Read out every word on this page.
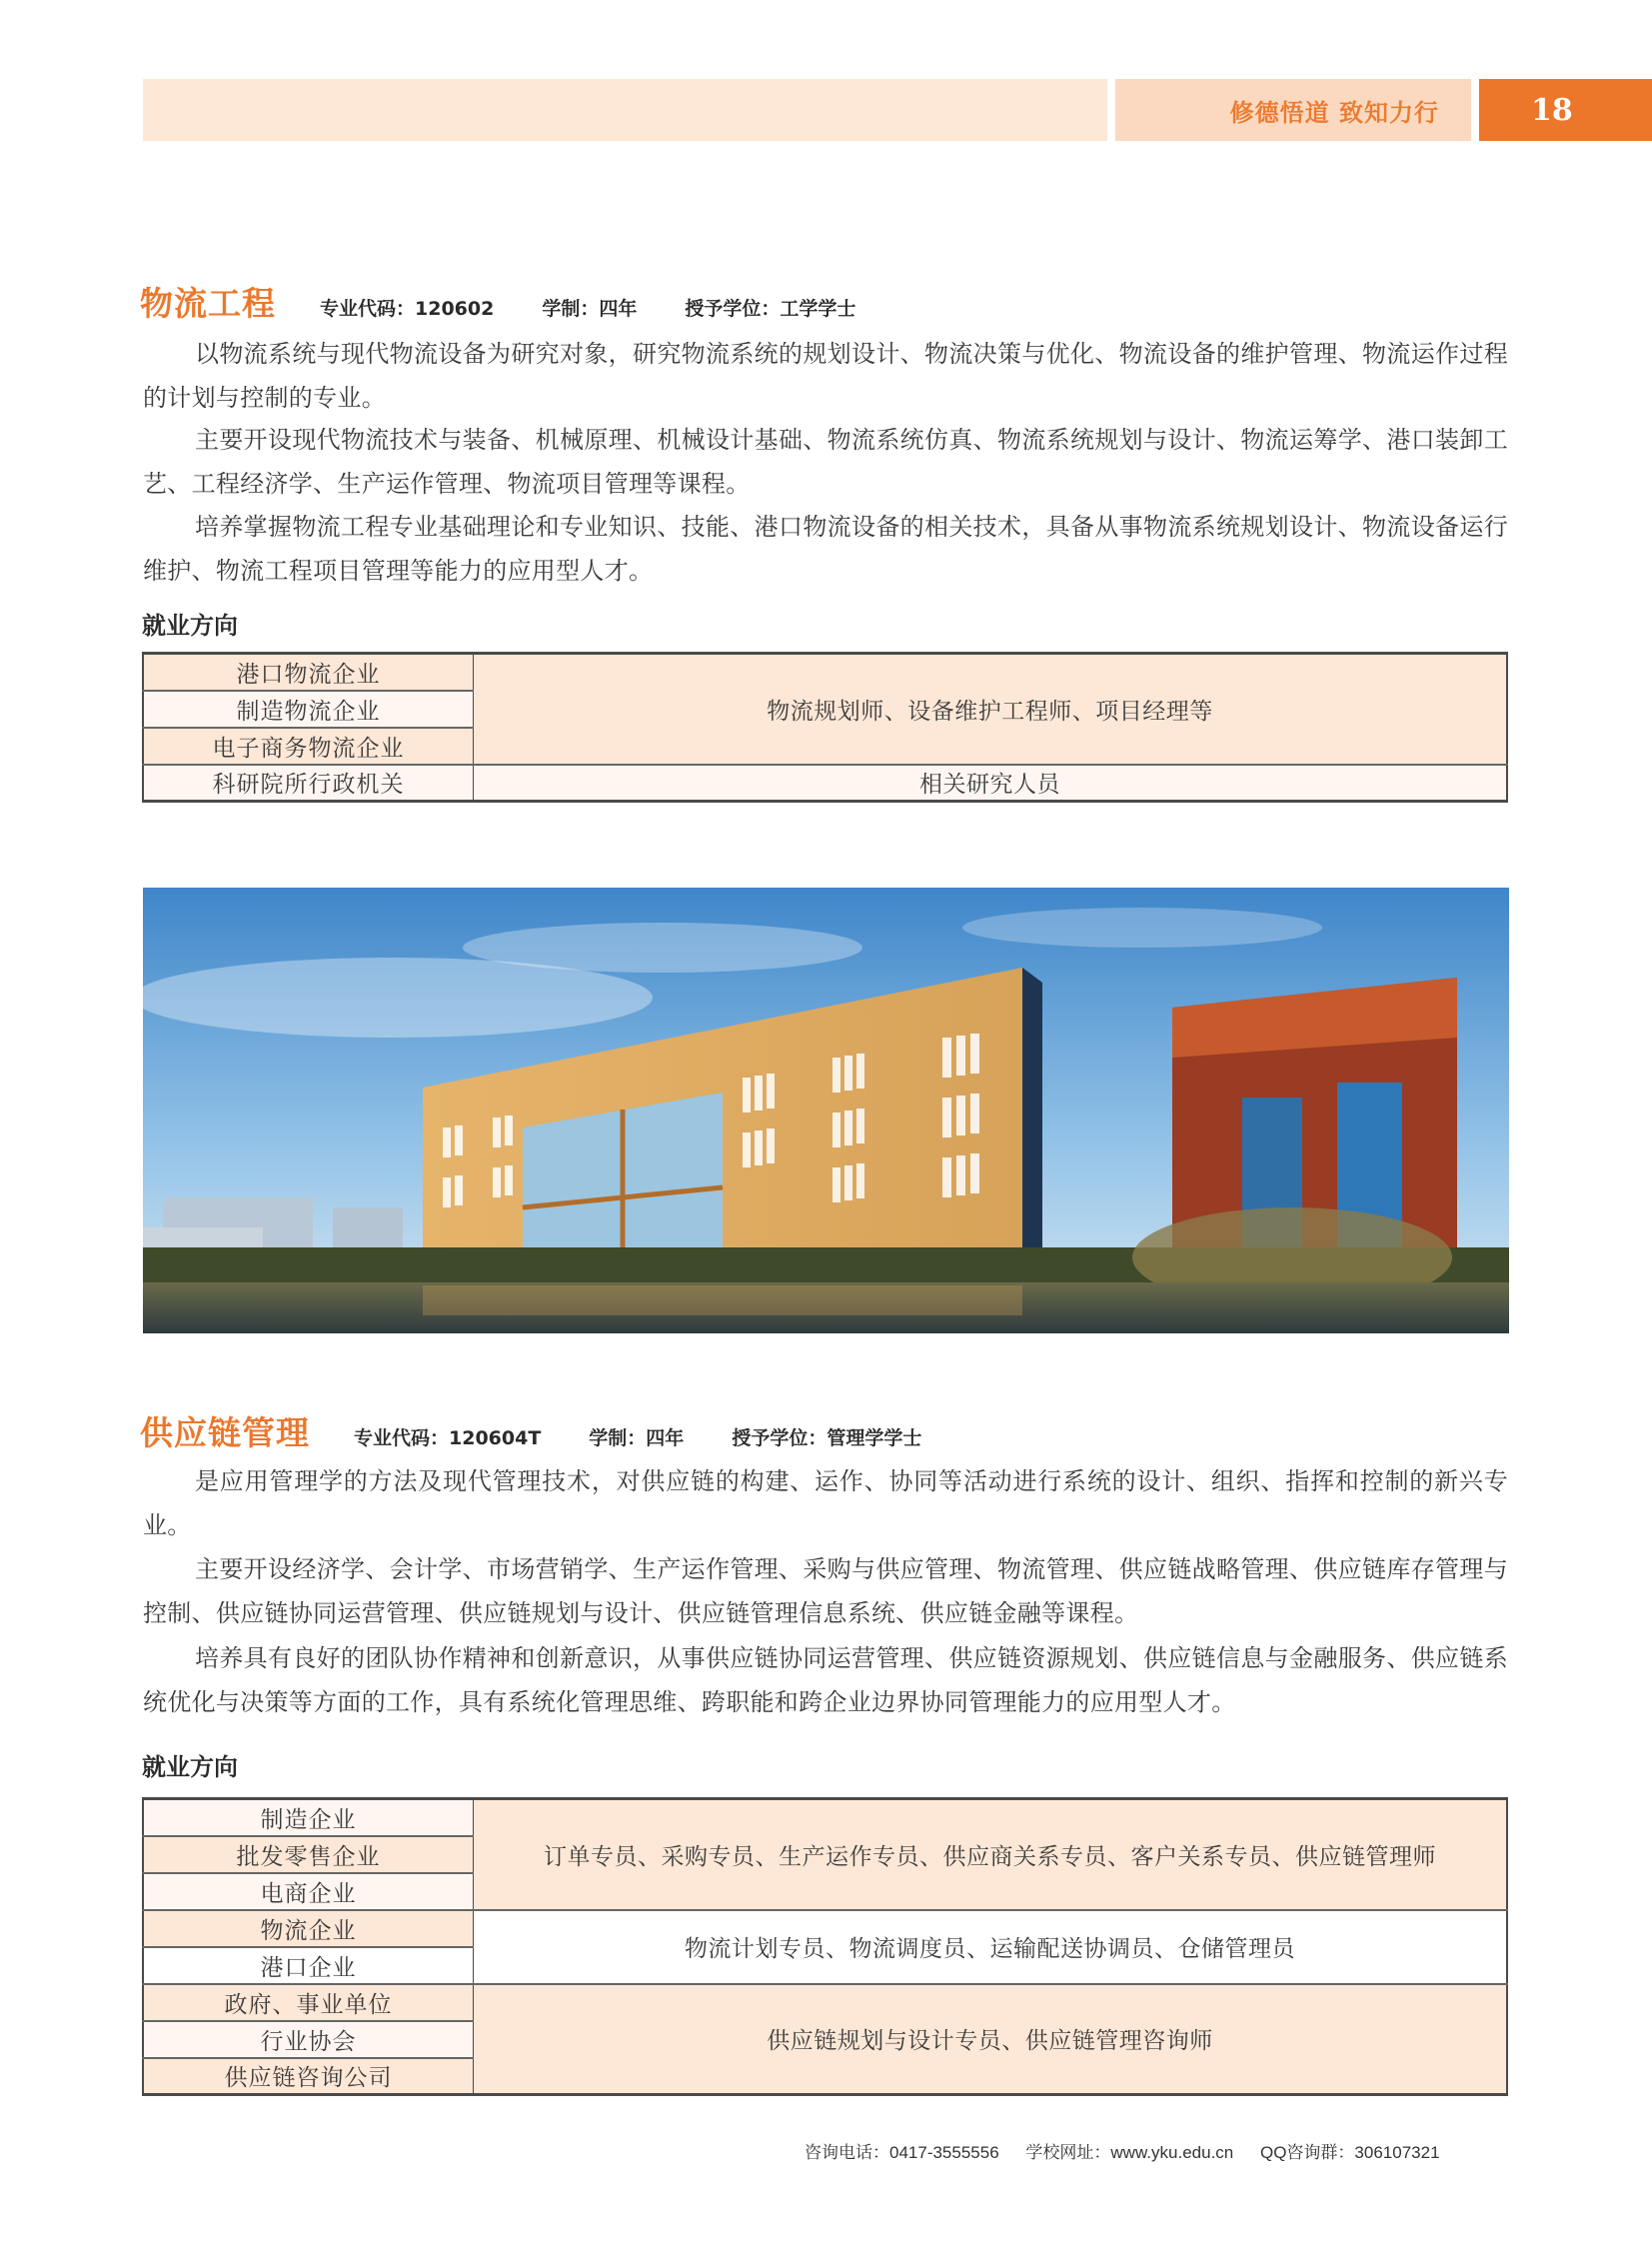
修德悟道 致知力行	18
物流工程 专业代码：120602	学制：四年	授予学位：工学学士
以物流系统与现代物流设备为研究对象，研究物流系统的规划设计、物流决策与优化、物流设备的维护管理、物流运作过程的计划与控制的专业。
主要开设现代物流技术与装备、机械原理、机械设计基础、物流系统仿真、物流系统规划与设计、物流运筹学、港口装卸工艺、工程经济学、生产运作管理、物流项目管理等课程。
培养掌握物流工程专业基础理论和专业知识、技能、港口物流设备的相关技术，具备从事物流系统规划设计、物流设备运行维护、物流工程项目管理等能力的应用型人才。
就业方向
港口物流企业	物流规划师、设备维护工程师、项目经理等
制造物流企业	
电子商务物流企业	
科研院所行政机关	相关研究人员
供应链管理 专业代码：120604T	学制：四年	授予学位：管理学学士
是应用管理学的方法及现代管理技术，对供应链的构建、运作、协同等活动进行系统的设计、组织、指挥和控制的新兴专业。
主要开设经济学、会计学、市场营销学、生产运作管理、采购与供应管理、物流管理、供应链战略管理、供应链库存管理与控制、供应链协同运营管理、供应链规划与设计、供应链管理信息系统、供应链金融等课程。
培养具有良好的团队协作精神和创新意识，从事供应链协同运营管理、供应链资源规划、供应链信息与金融服务、供应链系统优化与决策等方面的工作，具有系统化管理思维、跨职能和跨企业边界协同管理能力的应用型人才。
就业方向
制造企业	订单专员、采购专员、生产运作专员、供应商关系专员、客户关系专员、供应链管理师
批发零售企业	
电商企业	
物流企业	物流计划专员、物流调度员、运输配送协调员、仓储管理员
港口企业	
政府、事业单位	供应链规划与设计专员、供应链管理咨询师
行业协会	
供应链咨询公司	
咨询电话：0417-3555556 学校网址：www.yku.edu.cn QQ咨询群：306107321
